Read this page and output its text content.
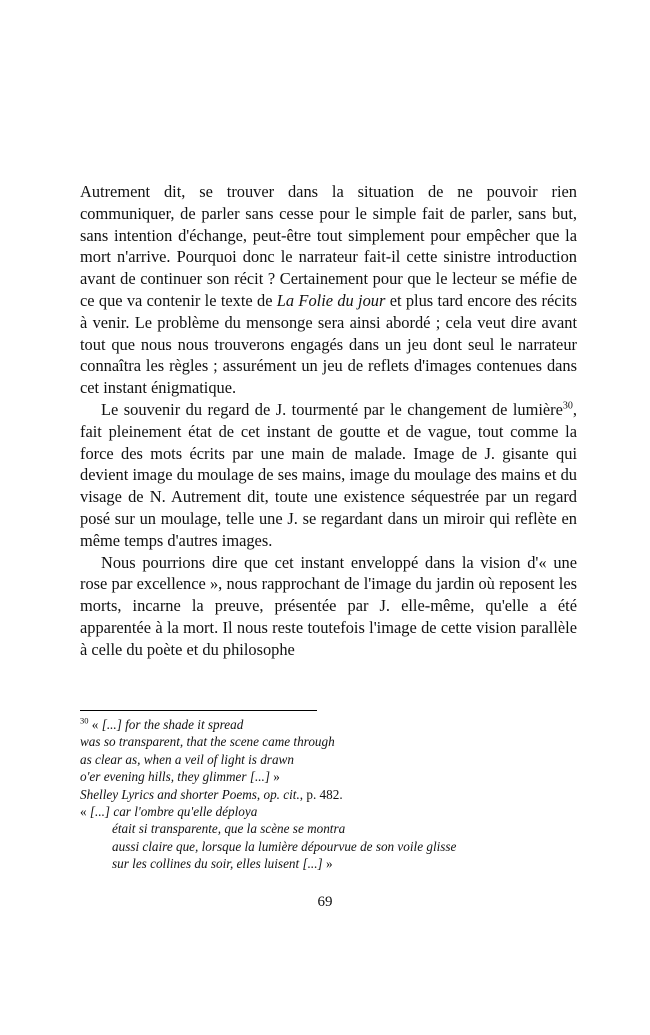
Autrement dit, se trouver dans la situation de ne pouvoir rien communiquer, de parler sans cesse pour le simple fait de parler, sans but, sans intention d'échange, peut-être tout simplement pour empêcher que la mort n'arrive. Pourquoi donc le narrateur fait-il cette sinistre introduction avant de continuer son récit ? Certainement pour que le lecteur se méfie de ce que va contenir le texte de La Folie du jour et plus tard encore des récits à venir. Le problème du mensonge sera ainsi abordé ; cela veut dire avant tout que nous nous trouverons engagés dans un jeu dont seul le narrateur connaîtra les règles ; assurément un jeu de reflets d'images contenues dans cet instant énigmatique.

Le souvenir du regard de J. tourmenté par le changement de lumière$^{30}$, fait pleinement état de cet instant de goutte et de vague, tout comme la force des mots écrits par une main de malade. Image de J. gisante qui devient image du moulage de ses mains, image du moulage des mains et du visage de N. Autrement dit, toute une existence séquestrée par un regard posé sur un moulage, telle une J. se regardant dans un miroir qui reflète en même temps d'autres images.

Nous pourrions dire que cet instant enveloppé dans la vision d'« une rose par excellence », nous rapprochant de l'image du jardin où reposent les morts, incarne la preuve, présentée par J. elle-même, qu'elle a été apparentée à la mort. Il nous reste toutefois l'image de cette vision parallèle à celle du poète et du philosophe

$^{30}$ « [...] for the shade it spread
was so transparent, that the scene came through
as clear as, when a veil of light is drawn
o'er evening hills, they glimmer [...] »
Shelley Lyrics and shorter Poems, op. cit., p. 482.
« [...] car l'ombre qu'elle déploya
était si transparente, que la scène se montra
aussi claire que, lorsque la lumière dépourvue de son voile glisse
sur les collines du soir, elles luisent [...] »
69
